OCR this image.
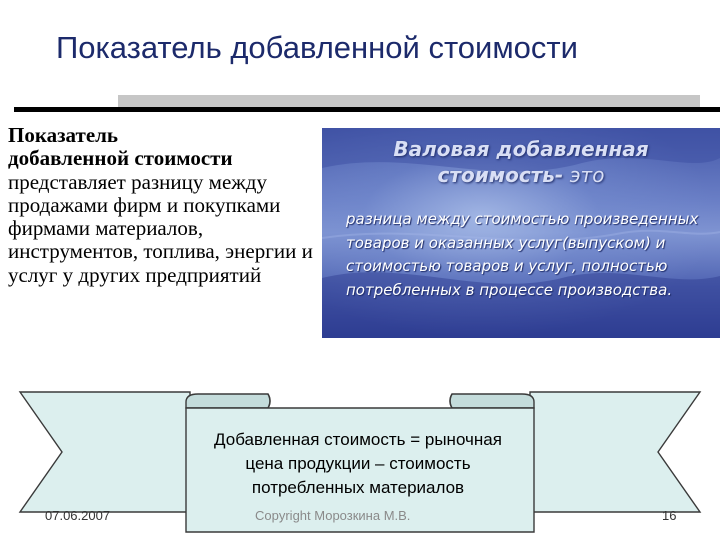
Показатель добавленной стоимости
Показатель
добавленной стоимости
представляет разницу между продажами фирм и покупками фирмами материалов, инструментов, топлива, энергии и услуг у других предприятий
Валовая добавленная
стоимость- это
разница между стоимостью произведенных товаров и оказанных услуг(выпуском) и стоимостью товаров и услуг, полностью потребленных в процессе производства.
Добавленная стоимость = рыночная цена продукции – стоимость потребленных материалов
07.06.2007	Copyright Морозкина М.В.	16
